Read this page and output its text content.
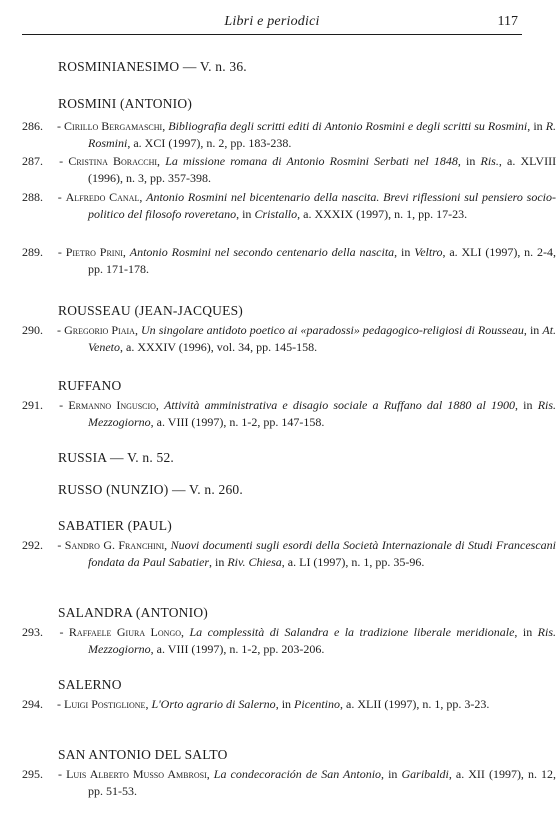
Libri e periodici	117
ROSMINIANESIMO — V. n. 36.
ROSMINI (ANTONIO)
286. - Cirillo Bergamaschi, Bibliografia degli scritti editi di Antonio Rosmini e degli scritti su Rosmini, in R. Rosmini, a. XCI (1997), n. 2, pp. 183-238.
287. - Cristina Boracchi, La missione romana di Antonio Rosmini Serbati nel 1848, in Ris., a. XLVIII (1996), n. 3, pp. 357-398.
288. - Alfredo Canal, Antonio Rosmini nel bicentenario della nascita. Brevi riflessioni sul pensiero socio-politico del filosofo roveretano, in Cristallo, a. XXXIX (1997), n. 1, pp. 17-23.
289. - Pietro Prini, Antonio Rosmini nel secondo centenario della nascita, in Veltro, a. XLI (1997), n. 2-4, pp. 171-178.
ROUSSEAU (JEAN-JACQUES)
290. - Gregorio Piaia, Un singolare antidoto poetico ai «paradossi» pedagogico-religiosi di Rousseau, in At. Veneto, a. XXXIV (1996), vol. 34, pp. 145-158.
RUFFANO
291. - Ermanno Inguscio, Attività amministrativa e disagio sociale a Ruffano dal 1880 al 1900, in Ris. Mezzogiorno, a. VIII (1997), n. 1-2, pp. 147-158.
RUSSIA — V. n. 52.
RUSSO (NUNZIO) — V. n. 260.
SABATIER (PAUL)
292. - Sandro G. Franchini, Nuovi documenti sugli esordi della Società Internazionale di Studi Francescani fondata da Paul Sabatier, in Riv. Chiesa, a. LI (1997), n. 1, pp. 35-96.
SALANDRA (ANTONIO)
293. - Raffaele Giura Longo, La complessità di Salandra e la tradizione liberale meridionale, in Ris. Mezzogiorno, a. VIII (1997), n. 1-2, pp. 203-206.
SALERNO
294. - Luigi Postiglione, L'Orto agrario di Salerno, in Picentino, a. XLII (1997), n. 1, pp. 3-23.
SAN ANTONIO DEL SALTO
295. - Luis Alberto Musso Ambrosi, La condecoración de San Antonio, in Garibaldi, a. XII (1997), n. 12, pp. 51-53.
